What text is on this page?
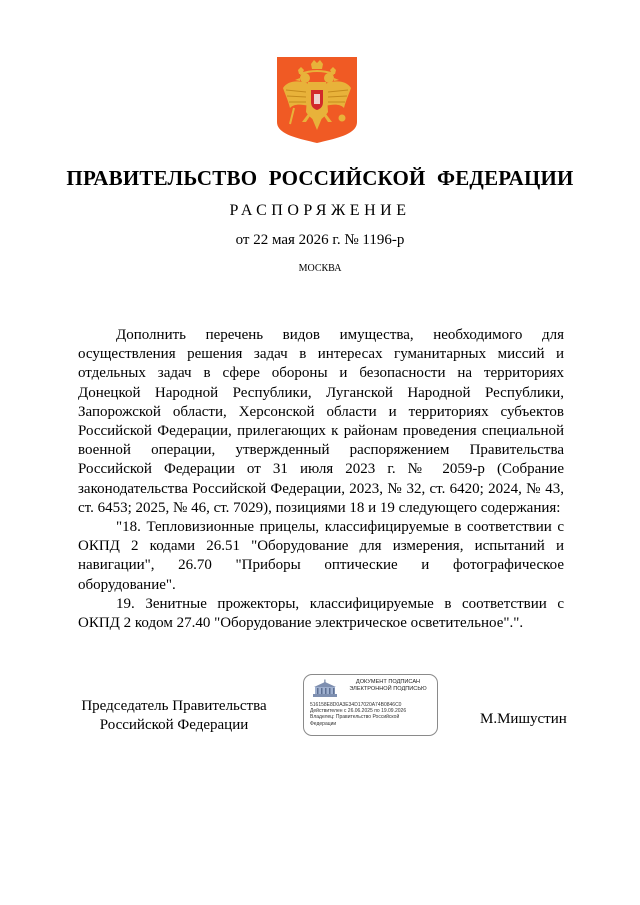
ПРАВИТЕЛЬСТВО РОССИЙСКОЙ ФЕДЕРАЦИИ
РАСПОРЯЖЕНИЕ
от 22 мая 2026 г. № 1196-р
МОСКВА

Дополнить перечень видов имущества, необходимого для осуществления решения задач в интересах гуманитарных миссий и отдельных задач в сфере обороны и безопасности на территориях Донецкой Народной Республики, Луганской Народной Республики, Запорожской области, Херсонской области и территориях субъектов Российской Федерации, прилегающих к районам проведения специальной военной операции, утвержденный распоряжением Правительства Российской Федерации от 31 июля 2023 г. № 2059-р (Собрание законодательства Российской Федерации, 2023, № 32, ст. 6420; 2024, № 43, ст. 6453; 2025, № 46, ст. 7029), позициями 18 и 19 следующего содержания:

"18. Тепловизионные прицелы, классифицируемые в соответствии с ОКПД 2 кодами 26.51 "Оборудование для измерения, испытаний и навигации", 26.70 "Приборы оптические и фотографическое оборудование".

19. Зенитные прожекторы, классифицируемые в соответствии с ОКПД 2 кодом 27.40 "Оборудование электрическое осветительное".".

Председатель Правительства
Российской Федерации
ДОКУМЕНТ ПОДПИСАН
ЭЛЕКТРОННОЙ ПОДПИСЬЮ
516158E8D0A3E34D17020A74B0846C0
Действителен с 26.06.2025 по 19.09.2026
Владелец: Правительство Российской
Федерации	М.Мишустин
